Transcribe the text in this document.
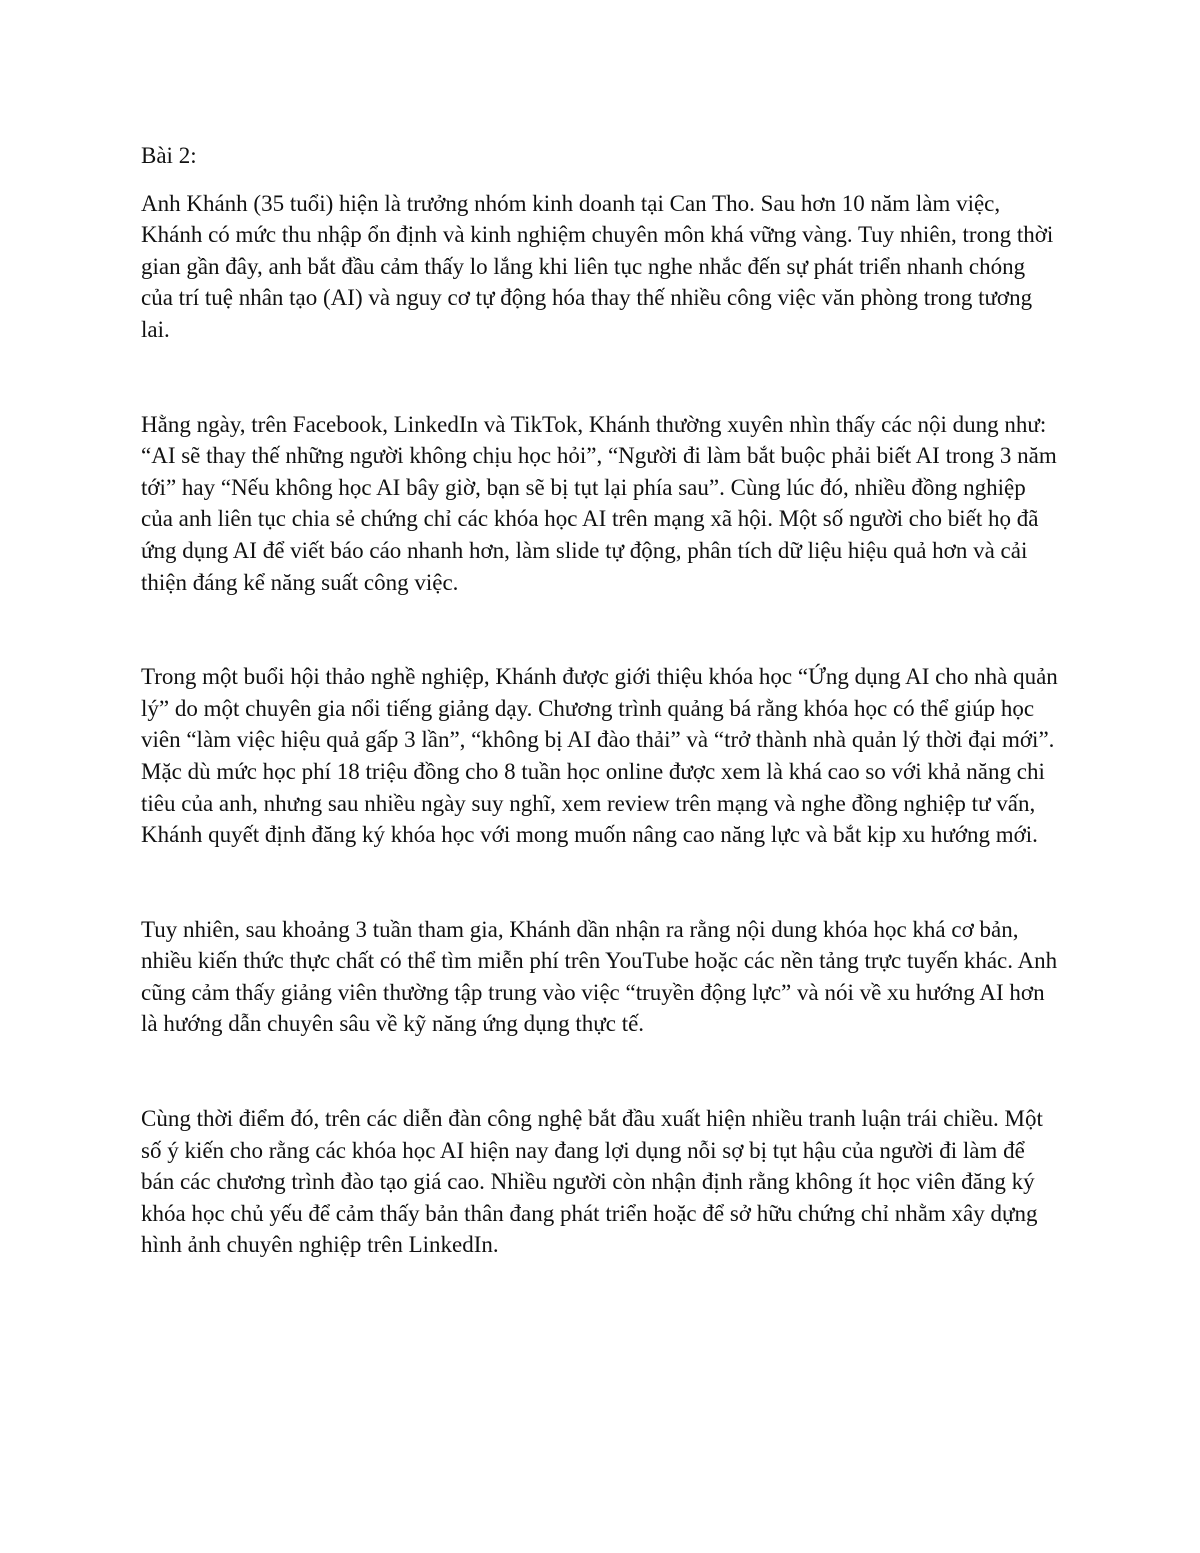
Bài 2:

Anh Khánh (35 tuổi) hiện là trưởng nhóm kinh doanh tại Can Tho. Sau hơn 10 năm làm việc, Khánh có mức thu nhập ổn định và kinh nghiệm chuyên môn khá vững vàng. Tuy nhiên, trong thời gian gần đây, anh bắt đầu cảm thấy lo lắng khi liên tục nghe nhắc đến sự phát triển nhanh chóng của trí tuệ nhân tạo (AI) và nguy cơ tự động hóa thay thế nhiều công việc văn phòng trong tương lai.

Hằng ngày, trên Facebook, LinkedIn và TikTok, Khánh thường xuyên nhìn thấy các nội dung như: “AI sẽ thay thế những người không chịu học hỏi”, “Người đi làm bắt buộc phải biết AI trong 3 năm tới” hay “Nếu không học AI bây giờ, bạn sẽ bị tụt lại phía sau”. Cùng lúc đó, nhiều đồng nghiệp của anh liên tục chia sẻ chứng chỉ các khóa học AI trên mạng xã hội. Một số người cho biết họ đã ứng dụng AI để viết báo cáo nhanh hơn, làm slide tự động, phân tích dữ liệu hiệu quả hơn và cải thiện đáng kể năng suất công việc.

Trong một buổi hội thảo nghề nghiệp, Khánh được giới thiệu khóa học “Ứng dụng AI cho nhà quản lý” do một chuyên gia nổi tiếng giảng dạy. Chương trình quảng bá rằng khóa học có thể giúp học viên “làm việc hiệu quả gấp 3 lần”, “không bị AI đào thải” và “trở thành nhà quản lý thời đại mới”. Mặc dù mức học phí 18 triệu đồng cho 8 tuần học online được xem là khá cao so với khả năng chi tiêu của anh, nhưng sau nhiều ngày suy nghĩ, xem review trên mạng và nghe đồng nghiệp tư vấn, Khánh quyết định đăng ký khóa học với mong muốn nâng cao năng lực và bắt kịp xu hướng mới.

Tuy nhiên, sau khoảng 3 tuần tham gia, Khánh dần nhận ra rằng nội dung khóa học khá cơ bản, nhiều kiến thức thực chất có thể tìm miễn phí trên YouTube hoặc các nền tảng trực tuyến khác. Anh cũng cảm thấy giảng viên thường tập trung vào việc “truyền động lực” và nói về xu hướng AI hơn là hướng dẫn chuyên sâu về kỹ năng ứng dụng thực tế.

Cùng thời điểm đó, trên các diễn đàn công nghệ bắt đầu xuất hiện nhiều tranh luận trái chiều. Một số ý kiến cho rằng các khóa học AI hiện nay đang lợi dụng nỗi sợ bị tụt hậu của người đi làm để bán các chương trình đào tạo giá cao. Nhiều người còn nhận định rằng không ít học viên đăng ký khóa học chủ yếu để cảm thấy bản thân đang phát triển hoặc để sở hữu chứng chỉ nhằm xây dựng hình ảnh chuyên nghiệp trên LinkedIn.
